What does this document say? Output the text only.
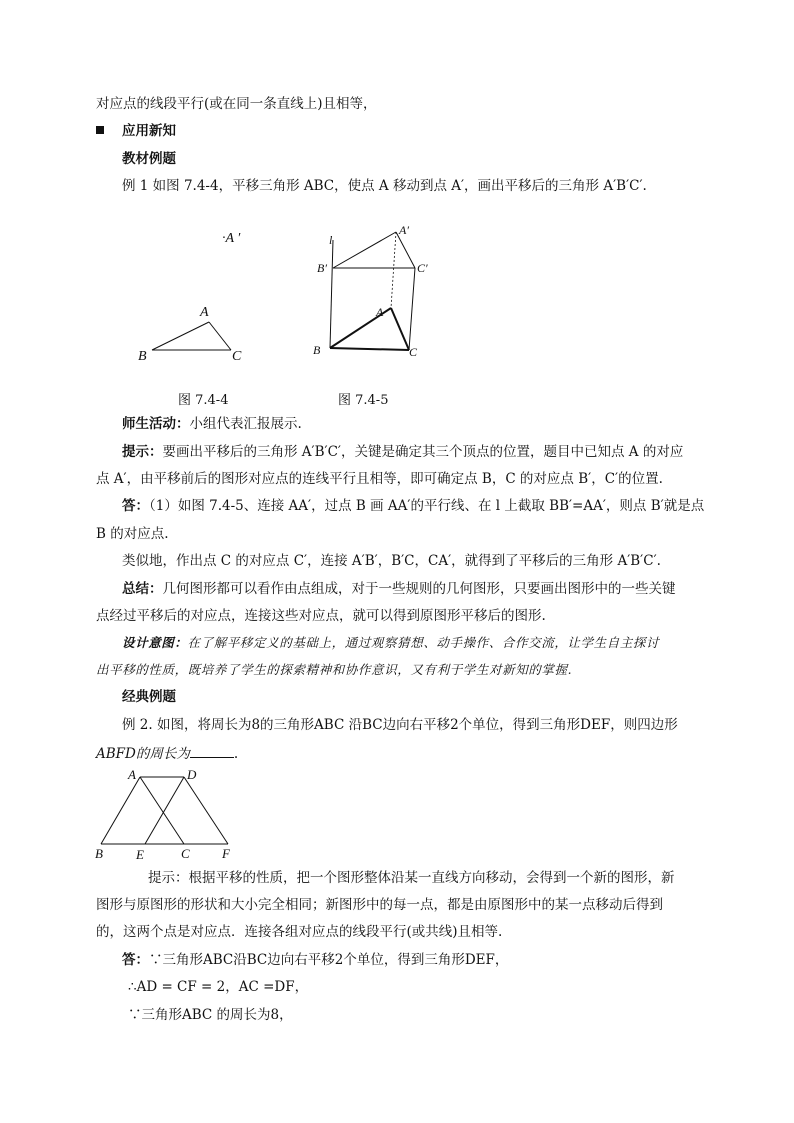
对应点的线段平行(或在同一条直线上)且相等，
应用新知
教材例题
例 1 如图 7.4-4，平移三角形 ABC，使点 A 移动到点 A′，画出平移后的三角形 A′B′C′.
·A ′
A
B	C
l
A′
B′	C′
A
B	C
图 7.4-4	图 7.4-5
师生活动：小组代表汇报展示.
提示：要画出平移后的三角形 A′B′C′，关键是确定其三个顶点的位置，题目中已知点 A 的对应
点 A′，由平移前后的图形对应点的连线平行且相等，即可确定点 B，C 的对应点 B′，C′的位置.
答：（1）如图 7.4-5、连接 AA′，过点 B 画 AA′的平行线、在 l 上截取 BB′=AA′，则点 B′就是点
B 的对应点.
类似地，作出点 C 的对应点 C′，连接 A′B′，B′C，CA′，就得到了平移后的三角形 A′B′C′.
总结：几何图形都可以看作由点组成，对于一些规则的几何图形，只要画出图形中的一些关键
点经过平移后的对应点，连接这些对应点，就可以得到原图形平移后的图形.
设计意图：在了解平移定义的基础上，通过观察猜想、动手操作、合作交流，让学生自主探讨
出平移的性质，既培养了学生的探索精神和协作意识，又有利于学生对新知的掌握.
经典例题
例 2. 如图，将周长为8的三角形ABC 沿BC边向右平移2个单位，得到三角形DEF，则四边形
ABFD的周长为	.
A	D
B	E	C F
提示：根据平移的性质，把一个图形整体沿某一直线方向移动，会得到一个新的图形，新
图形与原图形的形状和大小完全相同；新图形中的每一点，都是由原图形中的某一点移动后得到
的，这两个点是对应点．连接各组对应点的线段平行(或共线)且相等.
答：∵三角形ABC沿BC边向右平移2个单位，得到三角形DEF，
∴AD = CF = 2，AC =DF，
∵三角形ABC 的周长为8，
